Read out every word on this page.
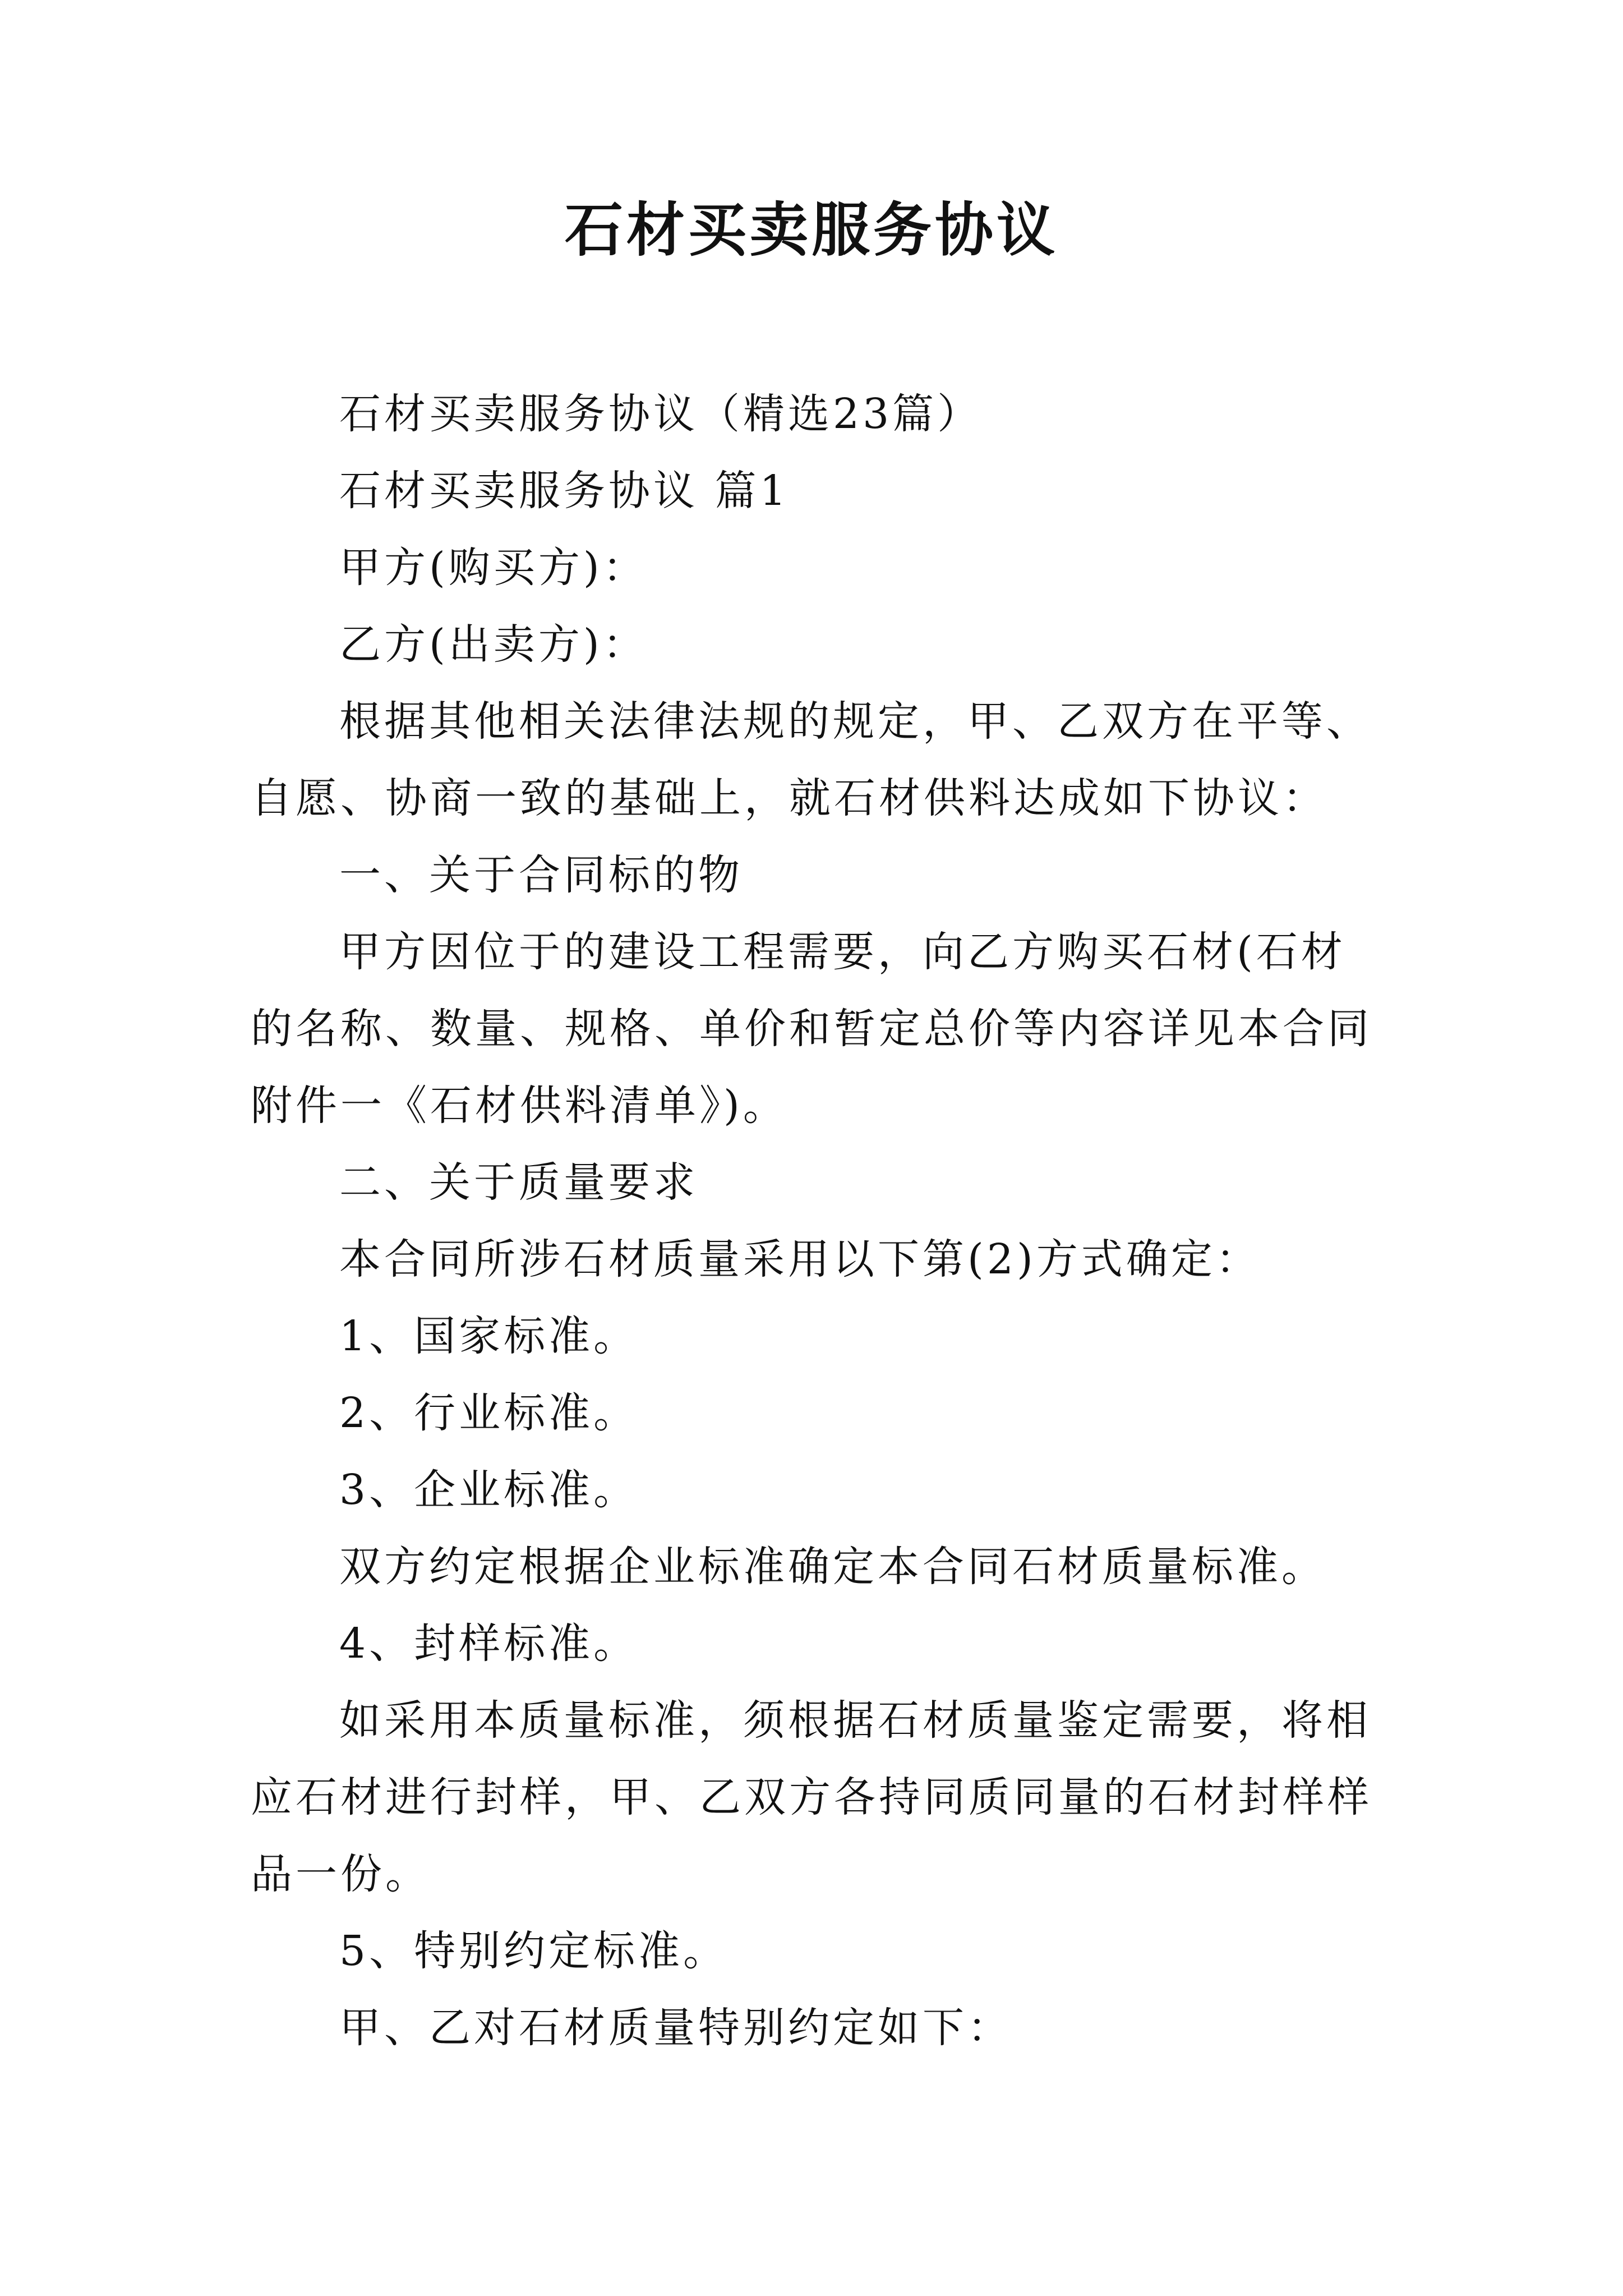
石材买卖服务协议

石材买卖服务协议（精选23篇）

石材买卖服务协议 篇1

甲方(购买方)：

乙方(出卖方)：

根据其他相关法律法规的规定，甲、乙双方在平等、自愿、协商一致的基础上，就石材供料达成如下协议：

一、关于合同标的物

甲方因位于的建设工程需要，向乙方购买石材(石材的名称、数量、规格、单价和暂定总价等内容详见本合同附件一《石材供料清单》)。

二、关于质量要求

本合同所涉石材质量采用以下第(2)方式确定：

1、国家标准。

2、行业标准。

3、企业标准。

双方约定根据企业标准确定本合同石材质量标准。

4、封样标准。

如采用本质量标准，须根据石材质量鉴定需要，将相应石材进行封样，甲、乙双方各持同质同量的石材封样样品一份。

5、特别约定标准。

甲、乙对石材质量特别约定如下：
